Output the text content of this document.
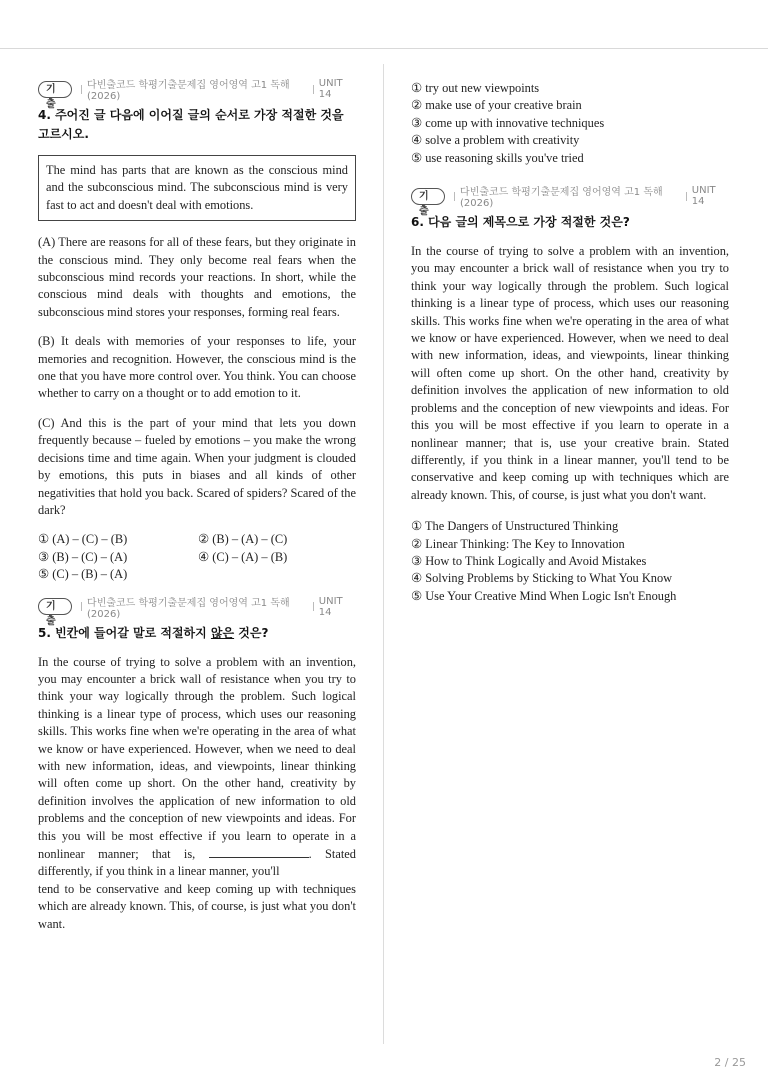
기출
다빈출코드 학평기출문제집 영어영역 고1 독해(2026)
UNIT 14
4. 주어진 글 다음에 이어질 글의 순서로 가장 적절한 것을 고르시오.
The mind has parts that are known as the conscious mind and the subconscious mind. The subconscious mind is very fast to act and doesn't deal with emotions.

(A) There are reasons for all of these fears, but they originate in the conscious mind. They only become real fears when the subconscious mind records your reactions. In short, while the conscious mind deals with thoughts and emotions, the subconscious mind stores your responses, forming real fears.

(B) It deals with memories of your responses to life, your memories and recognition. However, the conscious mind is the one that you have more control over. You think. You can choose whether to carry on a thought or to add emotion to it.

(C) And this is the part of your mind that lets you down frequently because – fueled by emotions – you make the wrong decisions time and time again. When your judgment is clouded by emotions, this puts in biases and all kinds of other negativities that hold you back. Scared of spiders? Scared of the dark?

① (A) – (C) – (B)	② (B) – (A) – (C)
③ (B) – (C) – (A)	④ (C) – (A) – (B)
⑤ (C) – (B) – (A)
기출
다빈출코드 학평기출문제집 영어영역 고1 독해(2026)
UNIT 14
5. 빈칸에 들어갈 말로 적절하지 않은 것은?

In the course of trying to solve a problem with an invention, you may encounter a brick wall of resistance when you try to think your way logically through the problem. Such logical thinking is a linear type of process, which uses our reasoning skills. This works fine when we're operating in the area of what we know or have experienced. However, when we need to deal with new information, ideas, and viewpoints, linear thinking will often come up short. On the other hand, creativity by definition involves the application of new information to old problems and the conception of new viewpoints and ideas. For this you will be most effective if you learn to operate in a nonlinear manner; that is,	. Stated differently, if you think in a linear manner, you'll

tend to be conservative and keep coming up with techniques which are already known. This, of course, is just what you don't want.

① try out new viewpoints
② make use of your creative brain
③ come up with innovative techniques
④ solve a problem with creativity
⑤ use reasoning skills you've tried
기출
다빈출코드 학평기출문제집 영어영역 고1 독해(2026)
UNIT 14
6. 다음 글의 제목으로 가장 적절한 것은?

In the course of trying to solve a problem with an invention, you may encounter a brick wall of resistance when you try to think your way logically through the problem. Such logical thinking is a linear type of process, which uses our reasoning skills. This works fine when we're operating in the area of what we know or have experienced. However, when we need to deal with new information, ideas, and viewpoints, linear thinking will often come up short. On the other hand, creativity by definition involves the application of new information to old problems and the conception of new viewpoints and ideas. For this you will be most effective if you learn to operate in a nonlinear manner; that is, use your creative brain. Stated differently, if you think in a linear manner, you'll tend to be conservative and keep coming up with techniques which are already known. This, of course, is just what you don't want.

① The Dangers of Unstructured Thinking
② Linear Thinking: The Key to Innovation
③ How to Think Logically and Avoid Mistakes
④ Solving Problems by Sticking to What You Know
⑤ Use Your Creative Mind When Logic Isn't Enough
2 / 25
